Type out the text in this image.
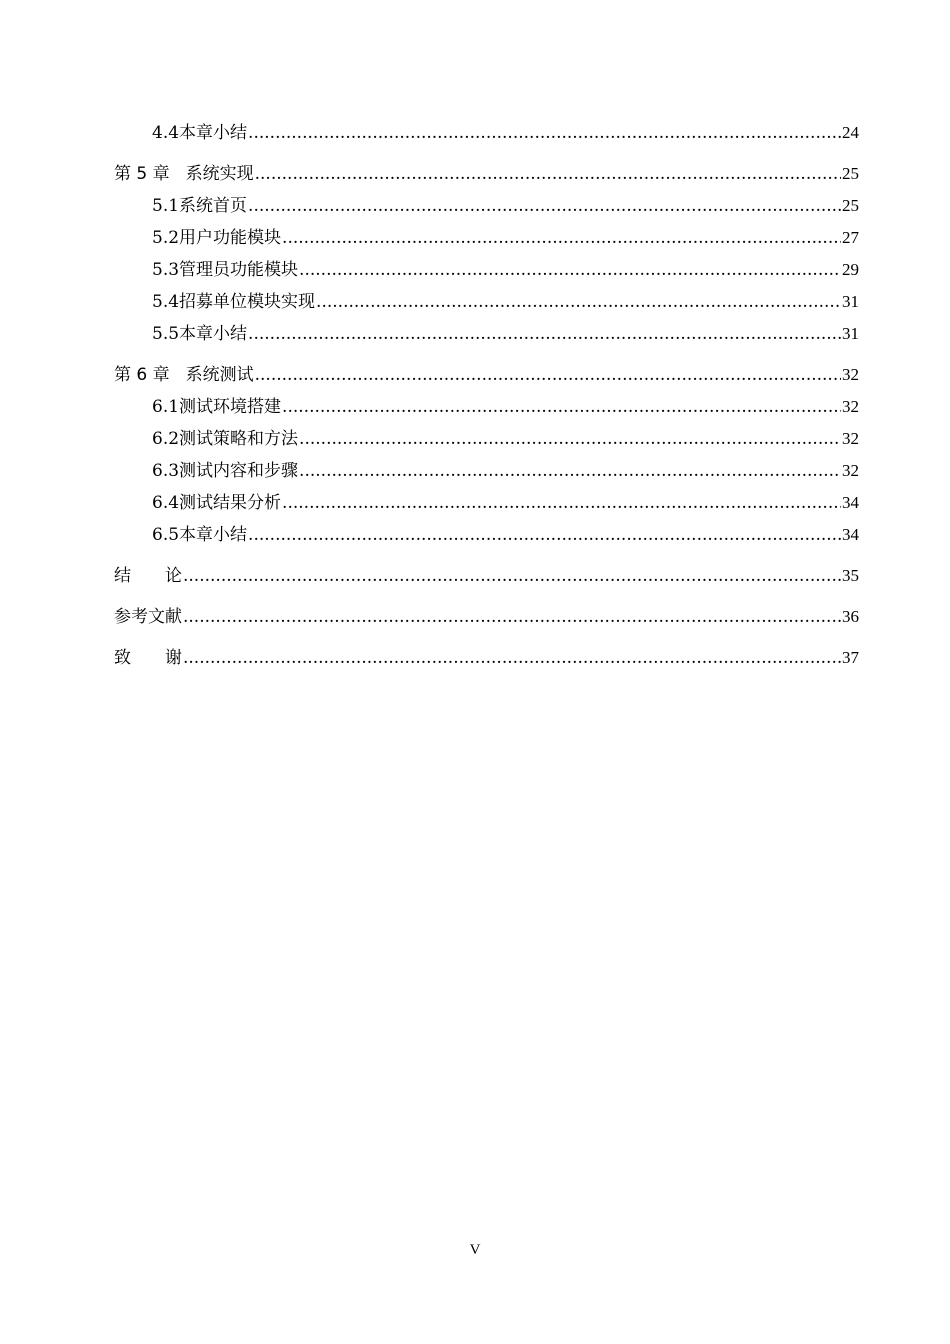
4.4 本章小结 .....	24
第 5 章 系统实现 .....	25
5.1 系统首页 .....	25
5.2 用户功能模块 .....	27
5.3 管理员功能模块 .....	29
5.4 招募单位模块实现 .....	31
5.5 本章小结 .....	31
第 6 章 系统测试 .....	32
6.1 测试环境搭建 .....	32
6.2 测试策略和方法 .....	32
6.3 测试内容和步骤 .....	32
6.4 测试结果分析 .....	34
6.5 本章小结 .....	34
结　　论 .....	35
参考文献 .....	36
致　　谢 .....	37
V
